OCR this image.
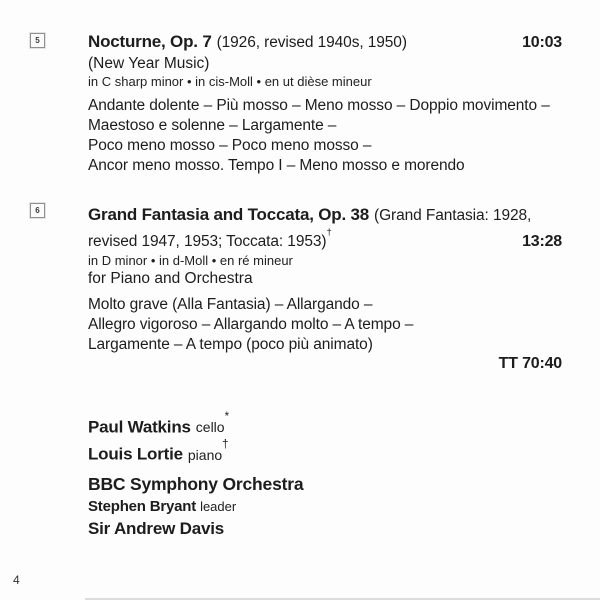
5
6
Nocturne, Op. 7 (1926, revised 1940s, 1950)	10:03
(New Year Music)
in C sharp minor • in cis-Moll • en ut dièse mineur
Andante dolente – Più mosso – Meno mosso – Doppio movimento –
Maestoso e solenne – Largamente –
Poco meno mosso – Poco meno mosso –
Ancor meno mosso. Tempo I – Meno mosso e morendo
Grand Fantasia and Toccata, Op. 38 (Grand Fantasia: 1928,
revised 1947, 1953; Toccata: 1953)†
13:28
in D minor • in d-Moll • en ré mineur
for Piano and Orchestra
Molto grave (Alla Fantasia) – Allargando –
Allegro vigoroso – Allargando molto – A tempo –
Largamente – A tempo (poco più animato)
TT 70:40
Paul Watkins cello*
Louis Lortie piano†
BBC Symphony Orchestra
Stephen Bryant leader
Sir Andrew Davis
4
